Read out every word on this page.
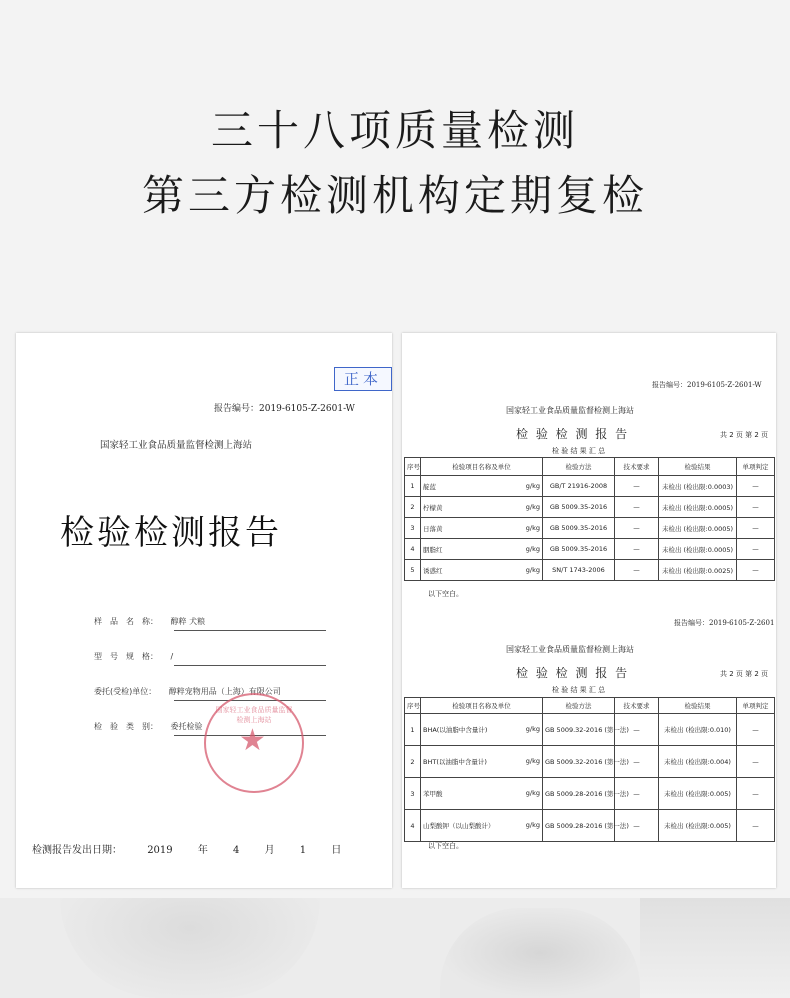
三十八项质量检测
第三方检测机构定期复检
正本
报告编号：2019-6105-Z-2601-W
国家轻工业食品质量监督检测上海站
检验检测报告
样　品　名　称： 醇粹 犬粮
型　号　规　格： /
委托(受检)单位： 醇粹宠物用品（上海）有限公司
检　验　类　别： 委托检验
国家轻工业食品质量监督检测上海站
★
检测报告发出日期：	2019	年	4	月	1	日
报告编号：2019-6105-Z-2601-W
国家轻工业食品质量监督检测上海站
检 验 检 测 报 告	共 2 页 第 2 页
检 验 结 果 汇 总
序号	检验项目名称及单位	检验方法	技术要求	检验结果	单项判定
1	靛蓝 g/kg	GB/T 21916-2008	—	未检出 (检出限:0.0003)	—
2	柠檬黄 g/kg	GB 5009.35-2016	—	未检出 (检出限:0.0005)	—
3	日落黄 g/kg	GB 5009.35-2016	—	未检出 (检出限:0.0005)	—
4	胭脂红 g/kg	GB 5009.35-2016	—	未检出 (检出限:0.0005)	—
5	诱惑红 g/kg	SN/T 1743-2006	—	未检出 (检出限:0.0025)	—
以下空白。
报告编号：2019-6105-Z-2601
国家轻工业食品质量监督检测上海站
检 验 检 测 报 告	共 2 页 第 2 页
检 验 结 果 汇 总
序号	检验项目名称及单位	检验方法	技术要求	检验结果	单项判定
1	BHA(以油脂中含量计) g/kg	GB 5009.32-2016 (第一法)	—	未检出 (检出限:0.010)	—
2	BHT(以油脂中含量计) g/kg	GB 5009.32-2016 (第一法)	—	未检出 (检出限:0.004)	—
3	苯甲酸 g/kg	GB 5009.28-2016 (第一法)	—	未检出 (检出限:0.005)	—
4	山梨酸钾（以山梨酸计） g/kg	GB 5009.28-2016 (第一法)	—	未检出 (检出限:0.005)	—
以下空白。
